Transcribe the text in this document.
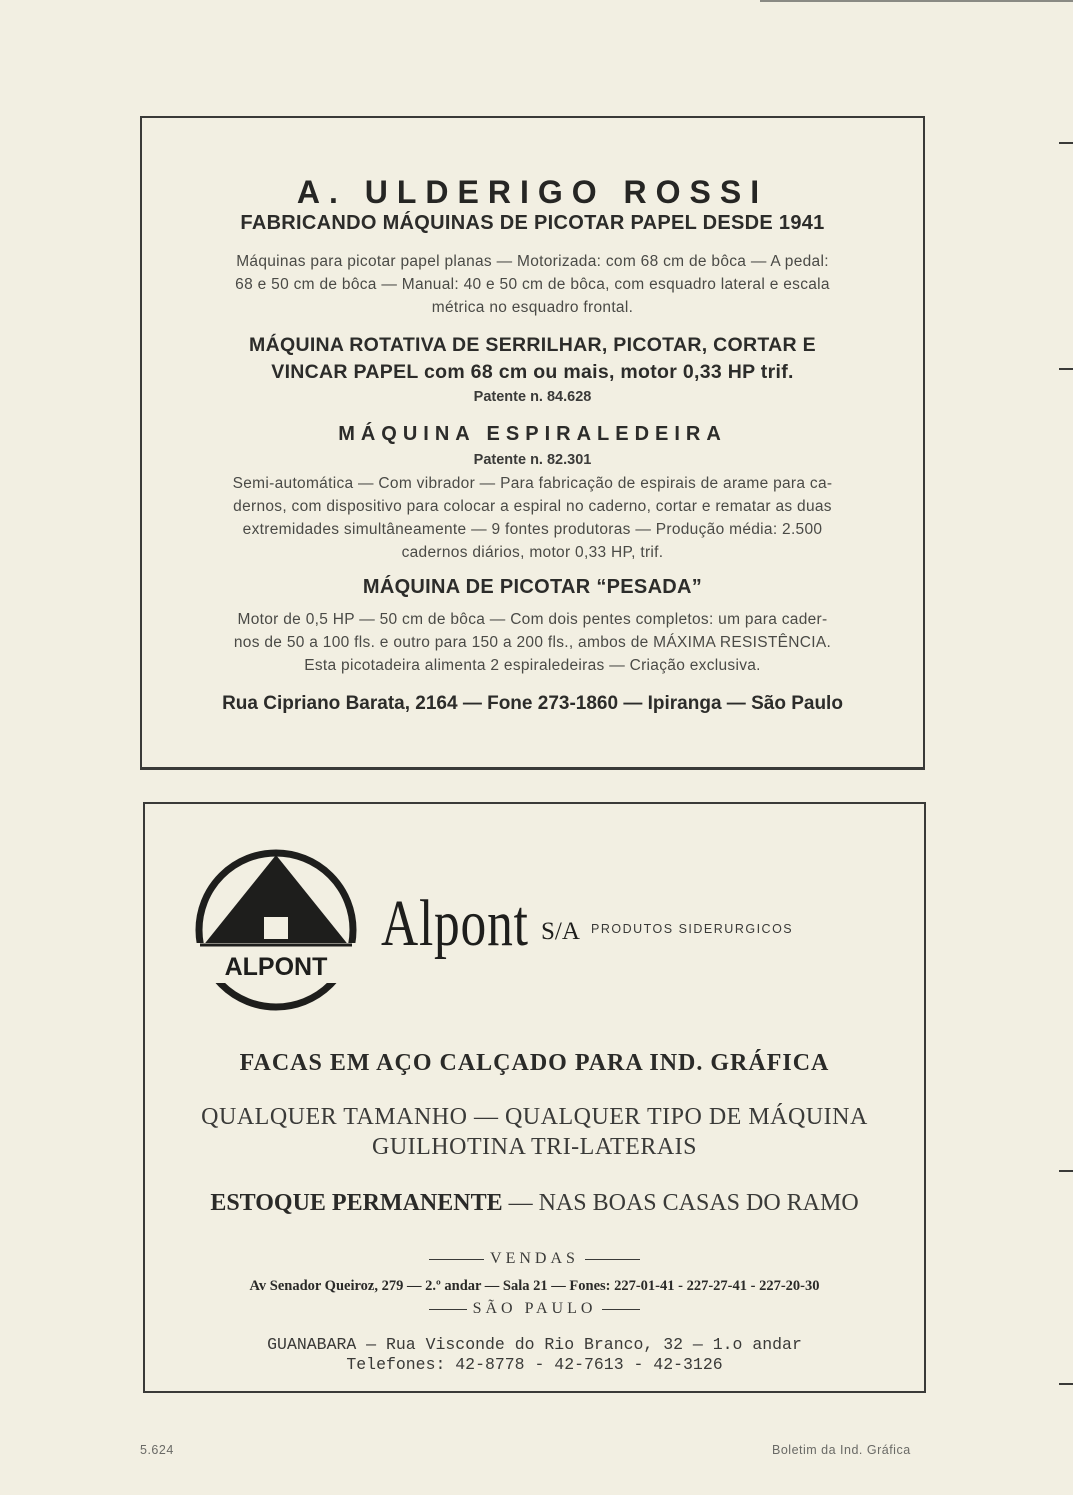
A. ULDERIGO ROSSI
FABRICANDO MÁQUINAS DE PICOTAR PAPEL DESDE 1941
Máquinas para picotar papel planas — Motorizada: com 68 cm de bôca — A pedal:
68 e 50 cm de bôca — Manual: 40 e 50 cm de bôca, com esquadro lateral e escala
métrica no esquadro frontal.
MÁQUINA ROTATIVA DE SERRILHAR, PICOTAR, CORTAR E
VINCAR PAPEL com 68 cm ou mais, motor 0,33 HP trif.
Patente n. 84.628
MÁQUINA ESPIRALEDEIRA
Patente n. 82.301
Semi-automática — Com vibrador — Para fabricação de espirais de arame para ca-
dernos, com dispositivo para colocar a espiral no caderno, cortar e rematar as duas
extremidades simultâneamente — 9 fontes produtoras — Produção média: 2.500
cadernos diários, motor 0,33 HP, trif.
MÁQUINA DE PICOTAR “PESADA”
Motor de 0,5 HP — 50 cm de bôca — Com dois pentes completos: um para cader-
nos de 50 a 100 fls. e outro para 150 a 200 fls., ambos de MÁXIMA RESISTÊNCIA.
Esta picotadeira alimenta 2 espiraledeiras — Criação exclusiva.
Rua Cipriano Barata, 2164 — Fone 273-1860 — Ipiranga — São Paulo
ALPONT
Alpont S/A PRODUTOS SIDERURGICOS
FACAS EM AÇO CALÇADO PARA IND. GRÁFICA
QUALQUER TAMANHO — QUALQUER TIPO DE MÁQUINA
GUILHOTINA TRI-LATERAIS
ESTOQUE PERMANENTE — NAS BOAS CASAS DO RAMO
VENDAS
Av Senador Queiroz, 279 — 2.º andar — Sala 21 — Fones: 227-01-41 - 227-27-41 - 227-20-30
SÃO PAULO
GUANABARA — Rua Visconde do Rio Branco, 32 — 1.o andar
Telefones: 42-8778 - 42-7613 - 42-3126
5.624	Boletim da Ind. Gráfica
